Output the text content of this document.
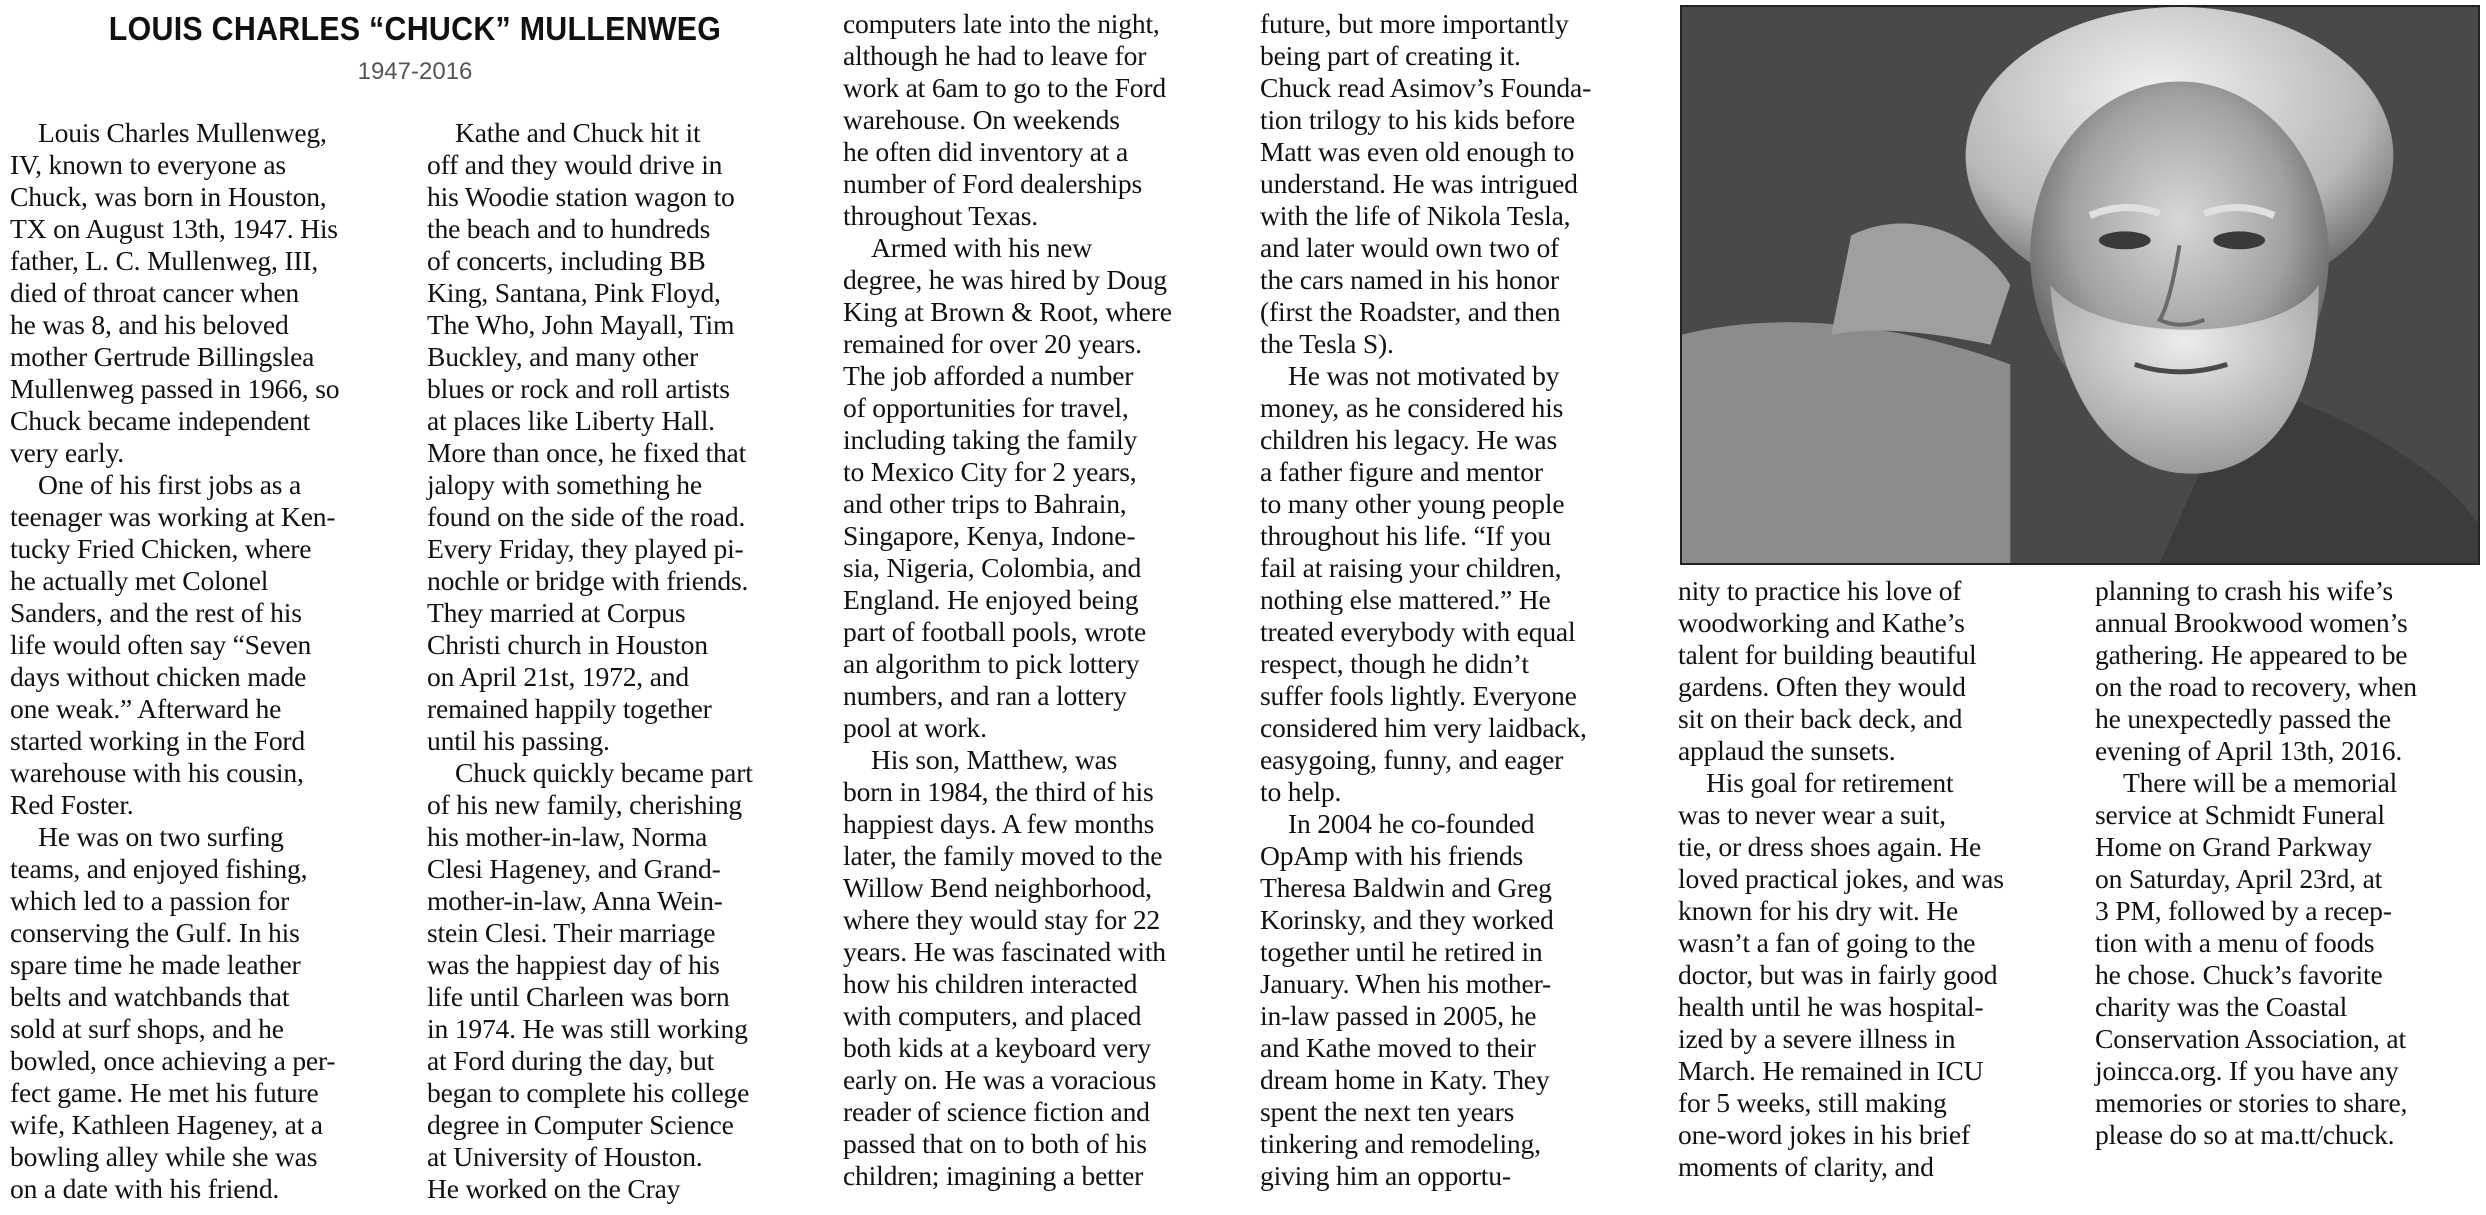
LOUIS CHARLES “CHUCK” MULLENWEG
1947-2016
Louis Charles Mullenweg,
IV, known to everyone as
Chuck, was born in Houston,
TX on August 13th, 1947. His
father, L. C. Mullenweg, III,
died of throat cancer when
he was 8, and his beloved
mother Gertrude Billingslea
Mullenweg passed in 1966, so
Chuck became independent
very early.
One of his first jobs as a
teenager was working at Ken-
tucky Fried Chicken, where
he actually met Colonel
Sanders, and the rest of his
life would often say “Seven
days without chicken made
one weak.” Afterward he
started working in the Ford
warehouse with his cousin,
Red Foster.
He was on two surfing
teams, and enjoyed fishing,
which led to a passion for
conserving the Gulf. In his
spare time he made leather
belts and watchbands that
sold at surf shops, and he
bowled, once achieving a per-
fect game. He met his future
wife, Kathleen Hageney, at a
bowling alley while she was
on a date with his friend.
Kathe and Chuck hit it
off and they would drive in
his Woodie station wagon to
the beach and to hundreds
of concerts, including BB
King, Santana, Pink Floyd,
The Who, John Mayall, Tim
Buckley, and many other
blues or rock and roll artists
at places like Liberty Hall.
More than once, he fixed that
jalopy with something he
found on the side of the road.
Every Friday, they played pi-
nochle or bridge with friends.
They married at Corpus
Christi church in Houston
on April 21st, 1972, and
remained happily together
until his passing.
Chuck quickly became part
of his new family, cherishing
his mother-in-law, Norma
Clesi Hageney, and Grand-
mother-in-law, Anna Wein-
stein Clesi. Their marriage
was the happiest day of his
life until Charleen was born
in 1974. He was still working
at Ford during the day, but
began to complete his college
degree in Computer Science
at University of Houston.
He worked on the Cray
computers late into the night,
although he had to leave for
work at 6am to go to the Ford
warehouse. On weekends
he often did inventory at a
number of Ford dealerships
throughout Texas.
Armed with his new
degree, he was hired by Doug
King at Brown & Root, where
remained for over 20 years.
The job afforded a number
of opportunities for travel,
including taking the family
to Mexico City for 2 years,
and other trips to Bahrain,
Singapore, Kenya, Indone-
sia, Nigeria, Colombia, and
England. He enjoyed being
part of football pools, wrote
an algorithm to pick lottery
numbers, and ran a lottery
pool at work.
His son, Matthew, was
born in 1984, the third of his
happiest days. A few months
later, the family moved to the
Willow Bend neighborhood,
where they would stay for 22
years. He was fascinated with
how his children interacted
with computers, and placed
both kids at a keyboard very
early on. He was a voracious
reader of science fiction and
passed that on to both of his
children; imagining a better
future, but more importantly
being part of creating it.
Chuck read Asimov’s Founda-
tion trilogy to his kids before
Matt was even old enough to
understand. He was intrigued
with the life of Nikola Tesla,
and later would own two of
the cars named in his honor
(first the Roadster, and then
the Tesla S).
He was not motivated by
money, as he considered his
children his legacy. He was
a father figure and mentor
to many other young people
throughout his life. “If you
fail at raising your children,
nothing else mattered.” He
treated everybody with equal
respect, though he didn’t
suffer fools lightly. Everyone
considered him very laidback,
easygoing, funny, and eager
to help.
In 2004 he co-founded
OpAmp with his friends
Theresa Baldwin and Greg
Korinsky, and they worked
together until he retired in
January. When his mother-
in-law passed in 2005, he
and Kathe moved to their
dream home in Katy. They
spent the next ten years
tinkering and remodeling,
giving him an opportu-
nity to practice his love of
woodworking and Kathe’s
talent for building beautiful
gardens. Often they would
sit on their back deck, and
applaud the sunsets.
His goal for retirement
was to never wear a suit,
tie, or dress shoes again. He
loved practical jokes, and was
known for his dry wit. He
wasn’t a fan of going to the
doctor, but was in fairly good
health until he was hospital-
ized by a severe illness in
March. He remained in ICU
for 5 weeks, still making
one-word jokes in his brief
moments of clarity, and
planning to crash his wife’s
annual Brookwood women’s
gathering. He appeared to be
on the road to recovery, when
he unexpectedly passed the
evening of April 13th, 2016.
There will be a memorial
service at Schmidt Funeral
Home on Grand Parkway
on Saturday, April 23rd, at
3 PM, followed by a recep-
tion with a menu of foods
he chose. Chuck’s favorite
charity was the Coastal
Conservation Association, at
joincca.org. If you have any
memories or stories to share,
please do so at ma.tt/chuck.
